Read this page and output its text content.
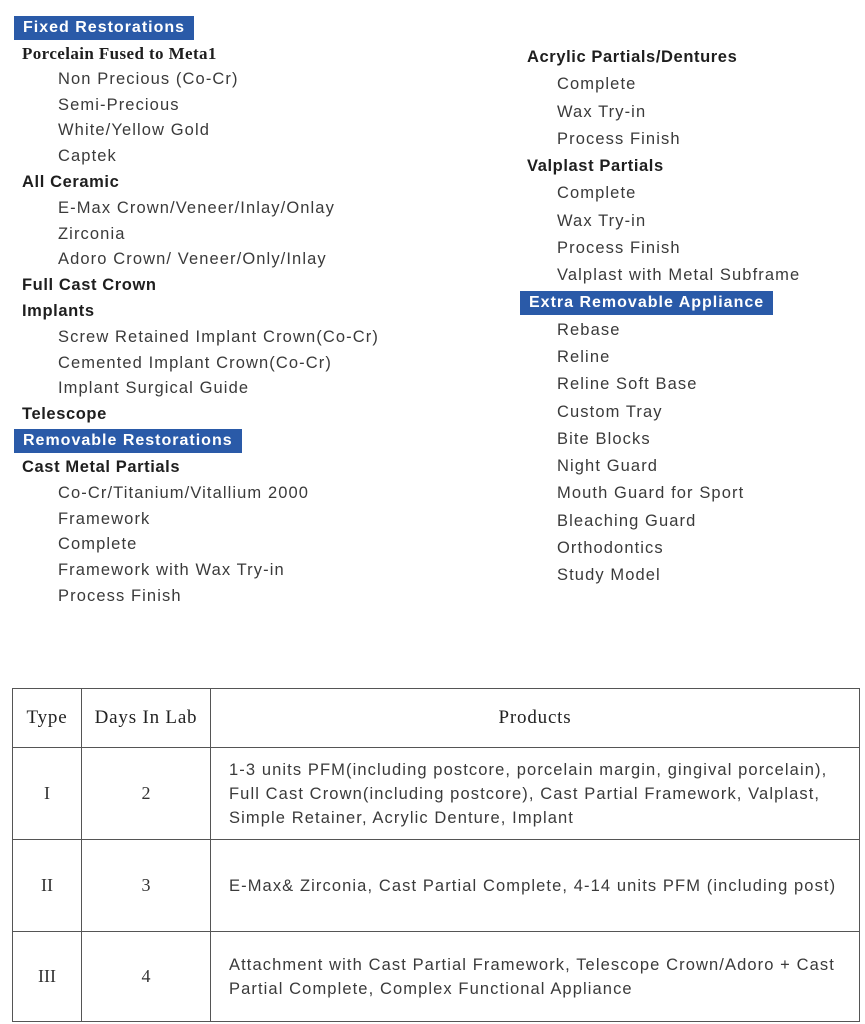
Fixed Restorations
Porcelain Fused to Meta1
Non Precious (Co-Cr)
Semi-Precious
White/Yellow Gold
Captek
All Ceramic
E-Max Crown/Veneer/Inlay/Onlay
Zirconia
Adoro Crown/ Veneer/Only/Inlay
Full Cast Crown
Implants
Screw Retained Implant Crown(Co-Cr)
Cemented Implant Crown(Co-Cr)
Implant Surgical Guide
Telescope
Removable Restorations
Cast Metal Partials
Co-Cr/Titanium/Vitallium 2000
Framework
Complete
Framework with Wax Try-in
Process Finish
Acrylic Partials/Dentures
Complete
Wax Try-in
Process Finish
Valplast Partials
Complete
Wax Try-in
Process Finish
Valplast with Metal Subframe
Extra Removable Appliance
Rebase
Reline
Reline Soft Base
Custom Tray
Bite Blocks
Night Guard
Mouth Guard for Sport
Bleaching Guard
Orthodontics
Study Model
Type	Days In Lab	Products
I	2	1-3 units PFM(including postcore, porcelain margin, gingival porcelain), Full Cast Crown(including postcore), Cast Partial Framework, Valplast, Simple Retainer, Acrylic Denture, Implant
II	3	E-Max& Zirconia, Cast Partial Complete, 4-14 units PFM (including post)
III	4	Attachment with Cast Partial Framework, Telescope Crown/Adoro + Cast Partial Complete, Complex Functional Appliance
